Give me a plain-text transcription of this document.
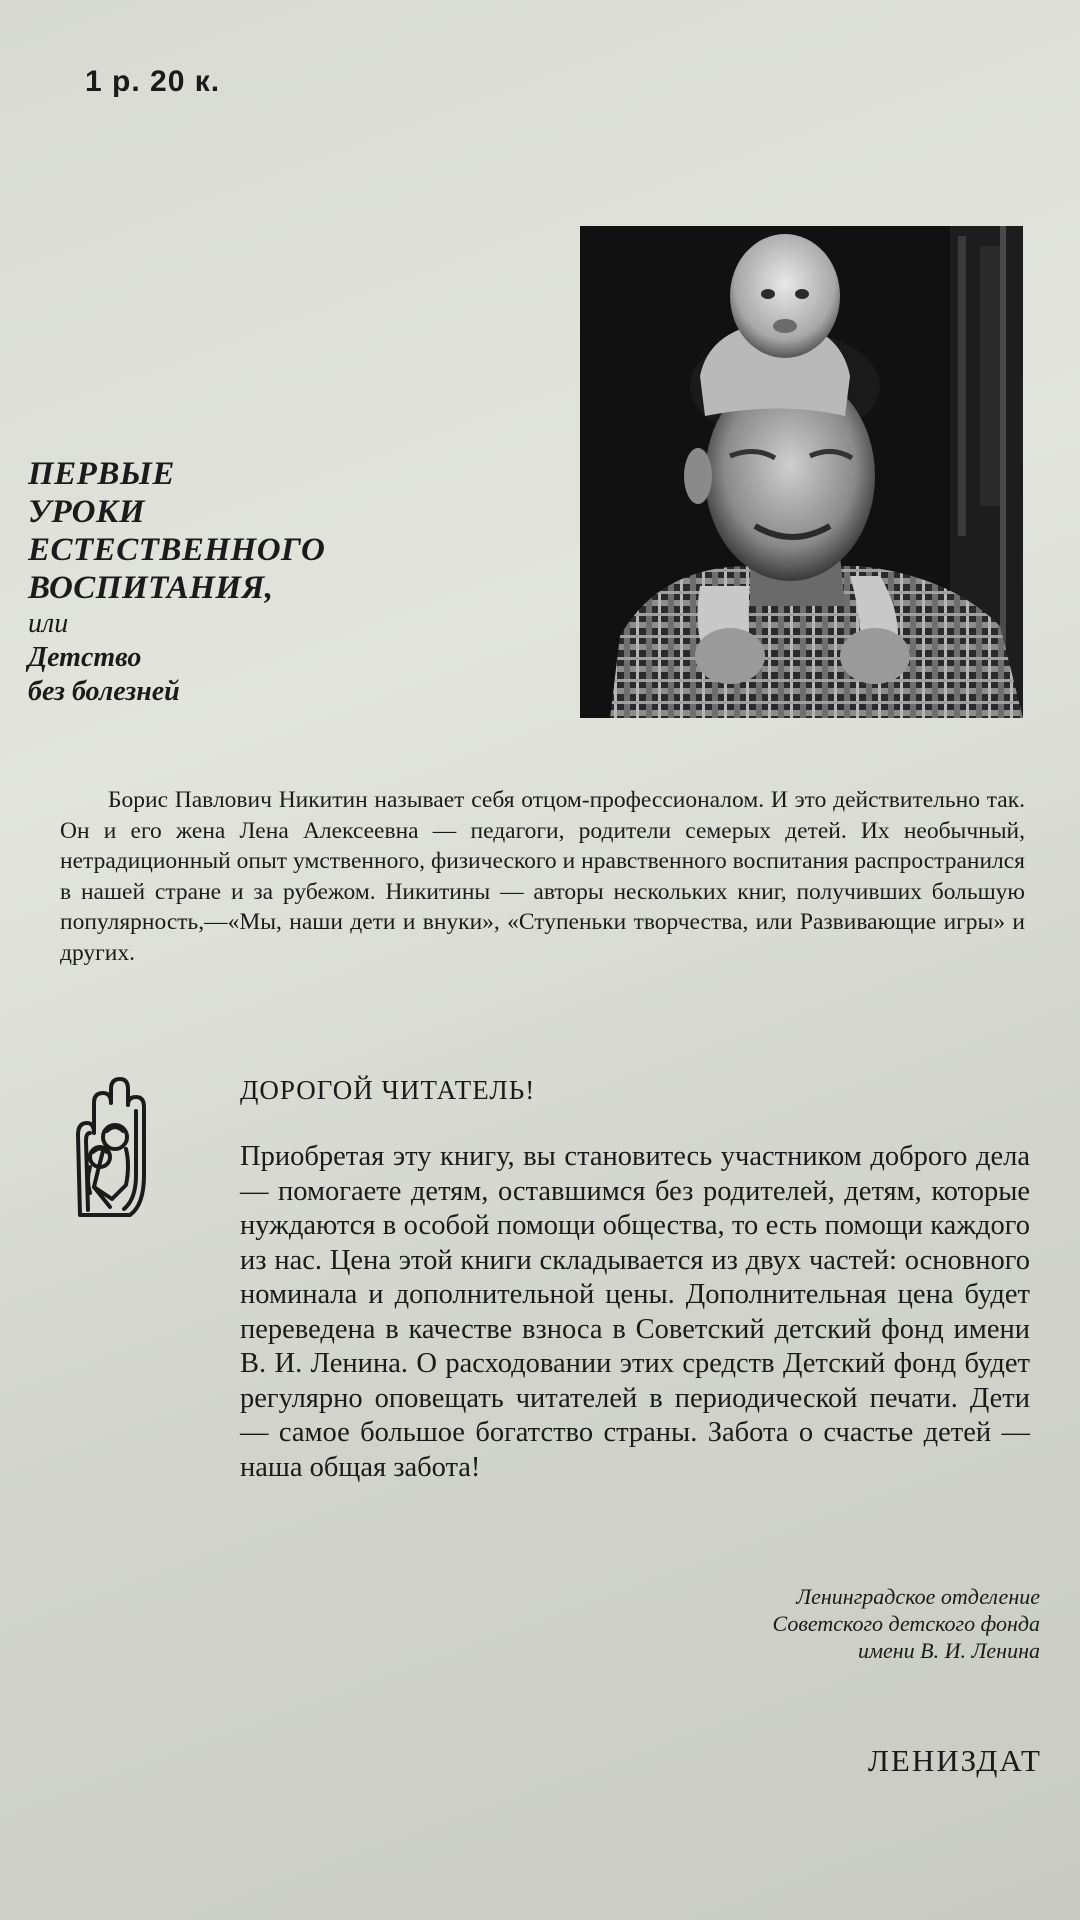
1 р. 20 к.
ПЕРВЫЕ
УРОКИ
ЕСТЕСТВЕННОГО
ВОСПИТАНИЯ,
или
Детство
без болезней

Борис Павлович Никитин называет себя отцом-профессионалом. И это действительно так. Он и его жена Лена Алексеевна — педагоги, родители семерых детей. Их необычный, нетрадиционный опыт умственного, физического и нравственного воспитания распространился в нашей стране и за рубежом. Никитины — авторы нескольких книг, получивших большую популярность,—«Мы, наши дети и внуки», «Ступеньки творчества, или Развивающие игры» и других.

ДОРОГОЙ ЧИТАТЕЛЬ!

Приобретая эту книгу, вы становитесь участником доброго дела — помогаете детям, оставшимся без родителей, детям, которые нуждаются в особой помощи общества, то есть помощи каждого из нас. Цена этой книги складывается из двух частей: основного номинала и дополнительной цены. Дополнительная цена будет переведена в качестве взноса в Советский детский фонд имени В. И. Ленина. О расходовании этих средств Детский фонд будет регулярно оповещать читателей в периодической печати. Дети — самое большое богатство страны. Забота о счастье детей — наша общая забота!

Ленинградское отделение
Советского детского фонда
имени В. И. Ленина
ЛЕНИЗДАТ
